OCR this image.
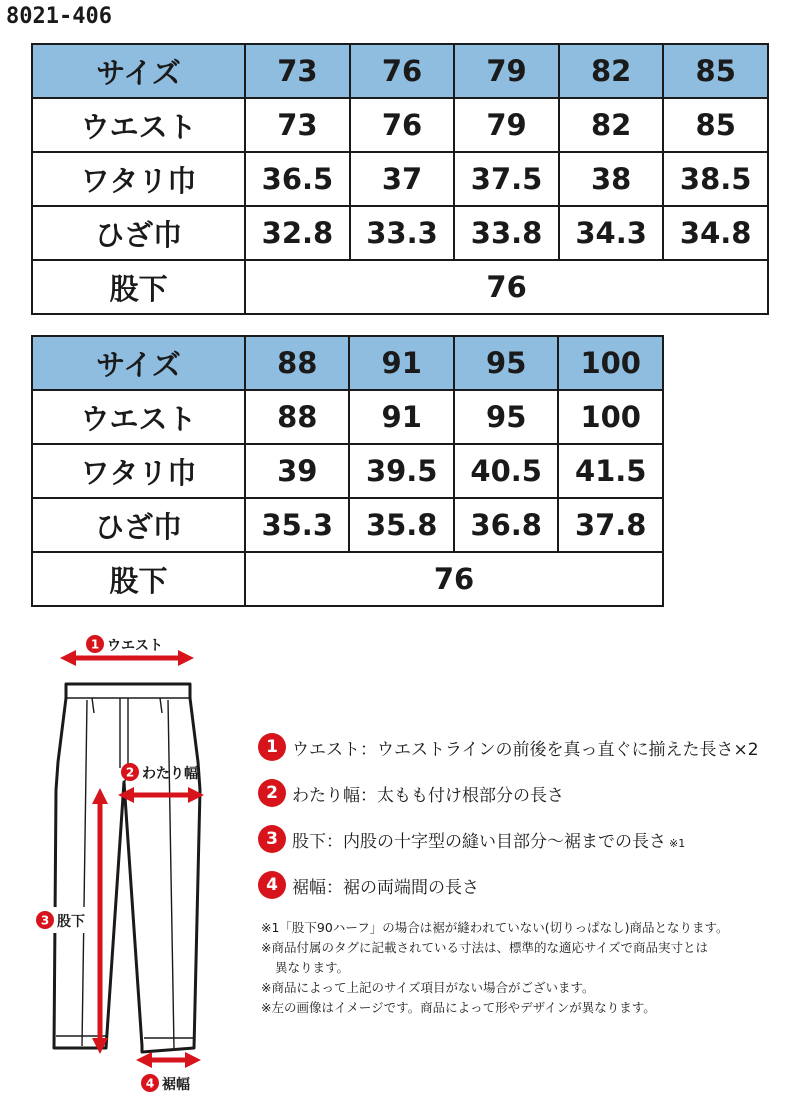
8021-406
サイズ	73	76	79	82	85
ウエスト	73	76	79	82	85
ワタリ巾	36.5	37	37.5	38	38.5
ひざ巾	32.8	33.3	33.8	34.3	34.8
股下	76				
サイズ	88	91	95	100
ウエスト	88	91	95	100
ワタリ巾	39	39.5	40.5	41.5
ひざ巾	35.3	35.8	36.8	37.8
股下	76			
1 ウエスト
2 わたり幅
3 股下
4 裾幅
1 ウエスト：ウエストラインの前後を真っ直ぐに揃えた長さ×2
2 わたり幅：太もも付け根部分の長さ
3 股下：内股の十字型の縫い目部分～裾までの長さ ※1
4 裾幅：裾の両端間の長さ
※1「股下90ハーフ」の場合は裾が縫われていない(切りっぱなし)商品となります。
※商品付属のタグに記載されている寸法は、標準的な適応サイズで商品実寸とは
異なります。
※商品によって上記のサイズ項目がない場合がございます。
※左の画像はイメージです。商品によって形やデザインが異なります。
